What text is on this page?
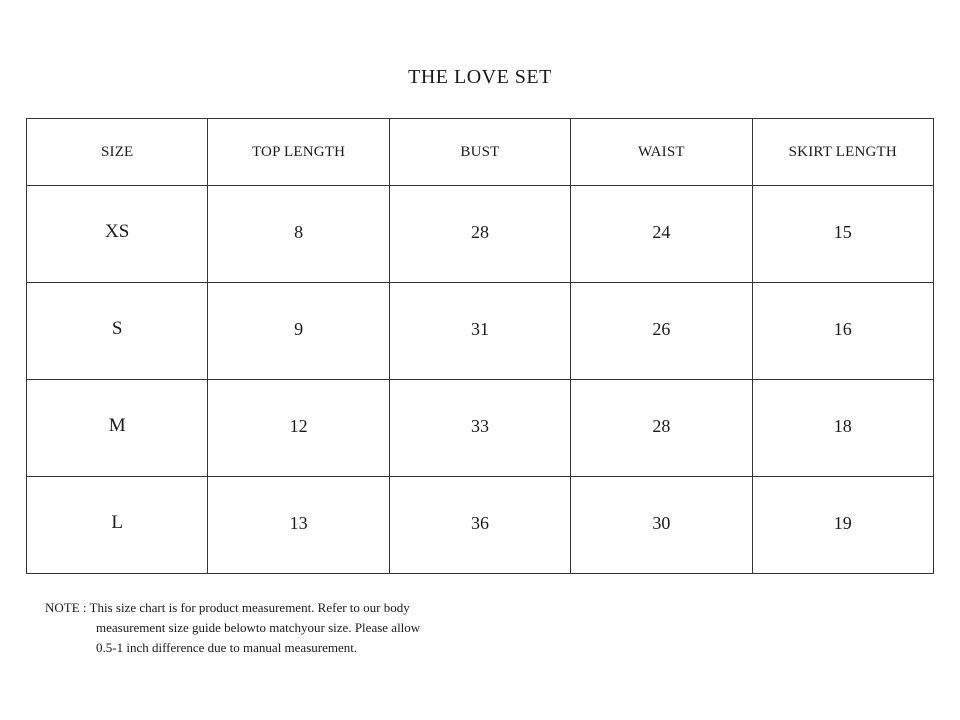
THE LOVE SET
SIZE	TOP LENGTH	BUST	WAIST	SKIRT LENGTH
XS	8	28	24	15
S	9	31	26	16
M	12	33	28	18
L	13	36	30	19
NOTE : This size chart is for product measurement. Refer to our body
measurement size guide belowto matchyour size. Please allow
0.5-1 inch difference due to manual measurement.
